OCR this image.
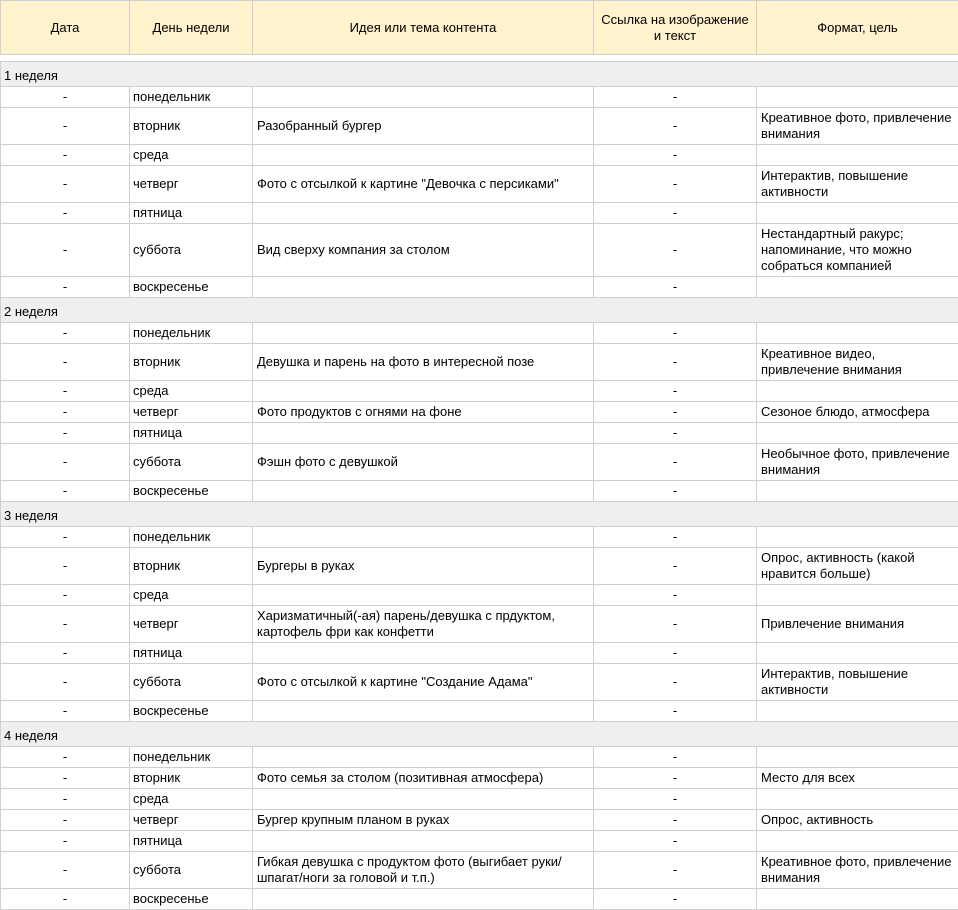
Дата	День недели	Идея или тема контента	Ссылка на изображение и текст	Формат, цель

1 неделя				
-	понедельник		-	
-	вторник	Разобранный бургер	-	Креативное фото, привлечение внимания
-	среда		-	
-	четверг	Фото с отсылкой к картине "Девочка с персиками"	-	Интерактив, повышение активности
-	пятница		-	
-	суббота	Вид сверху компания за столом	-	Нестандартный ракурс; напоминание, что можно собраться компанией
-	воскресенье		-	
2 неделя				
-	понедельник		-	
-	вторник	Девушка и парень на фото в интересной позе	-	Креативное видео, привлечение внимания
-	среда		-	
-	четверг	Фото продуктов с огнями на фоне	-	Сезоное блюдо, атмосфера
-	пятница		-	
-	суббота	Фэшн фото с девушкой	-	Необычное фото, привлечение внимания
-	воскресенье		-	
3 неделя				
-	понедельник		-	
-	вторник	Бургеры в руках	-	Опрос, активность (какой нравится больше)
-	среда		-	
-	четверг	Харизматичный(-ая) парень/девушка с прдуктом, картофель фри как конфетти	-	Привлечение внимания
-	пятница		-	
-	суббота	Фото с отсылкой к картине "Создание Адама"	-	Интерактив, повышение активности
-	воскресенье		-	
4 неделя				
-	понедельник		-	
-	вторник	Фото семья за столом (позитивная атмосфера)	-	Место для всех
-	среда		-	
-	четверг	Бургер крупным планом в руках	-	Опрос, активность
-	пятница		-	
-	суббота	Гибкая девушка с продуктом фото (выгибает руки/шпагат/ноги за головой и т.п.)	-	Креативное фото, привлечение внимания
-	воскресенье		-	
